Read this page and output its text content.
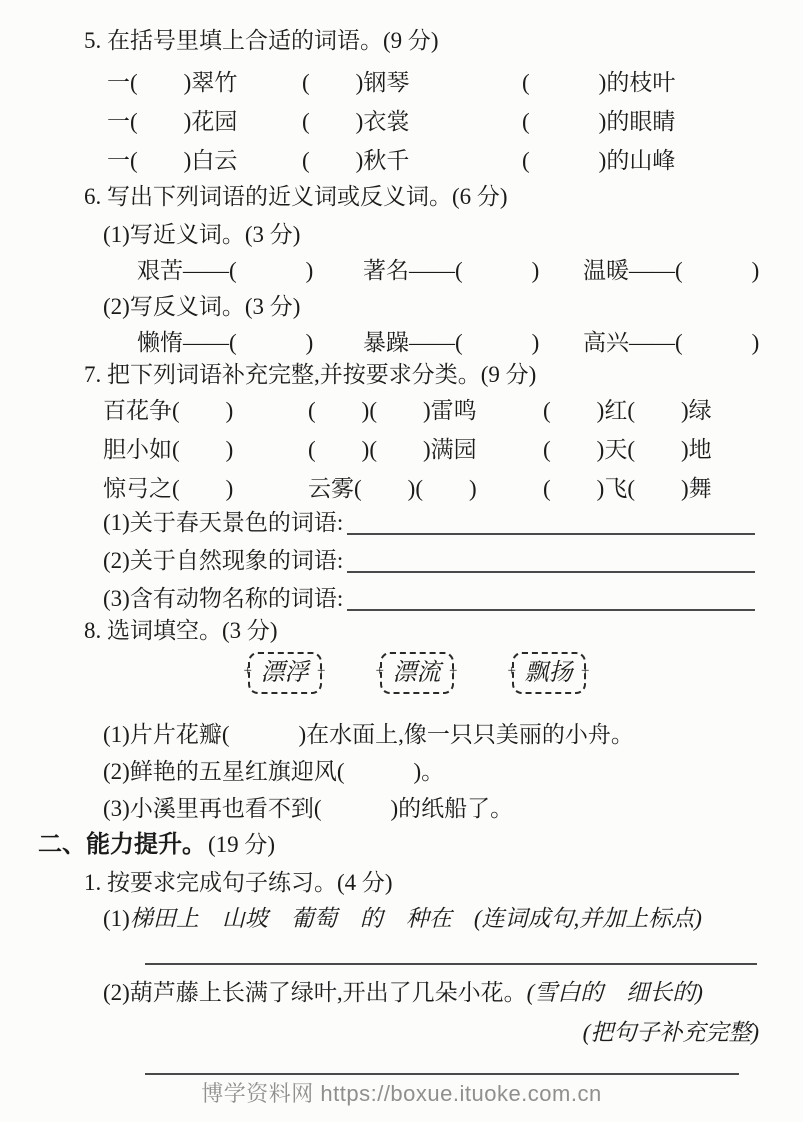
5. 在括号里填上合适的词语。(9 分)
一(　　)翠竹	(　　)钢琴	(　　　)的枝叶
一(　　)花园	(　　)衣裳	(　　　)的眼睛
一(　　)白云	(　　)秋千	(　　　)的山峰
6. 写出下列词语的近义词或反义词。(6 分)
(1)写近义词。(3 分)
艰苦——(　　　)	著名——(　　　)	温暖——(　　　)
(2)写反义词。(3 分)
懒惰——(　　　)	暴躁——(　　　)	高兴——(　　　)
7. 把下列词语补充完整,并按要求分类。(9 分)
百花争(　　)	(　　)(　　)雷鸣	(　　)红(　　)绿
胆小如(　　)	(　　)(　　)满园	(　　)天(　　)地
惊弓之(　　)	云雾(　　)(　　)	(　　)飞(　　)舞
(1)关于春天景色的词语:
(2)关于自然现象的词语:
(3)含有动物名称的词语:
8. 选词填空。(3 分)
+ 漂浮 +	+ 漂流 +	+ 飘扬 +
(1)片片花瓣(　　　)在水面上,像一只只美丽的小舟。
(2)鲜艳的五星红旗迎风(　　　)。
(3)小溪里再也看不到(　　　)的纸船了。
二、能力提升。(19 分)
1. 按要求完成句子练习。(4 分)
(1)梯田上　山坡　葡萄　的　种在 (连词成句,并加上标点)
(2)葫芦藤上长满了绿叶,开出了几朵小花。(雪白的　细长的)
(把句子补充完整)
博学资料网 https://boxue.ituoke.com.cn
